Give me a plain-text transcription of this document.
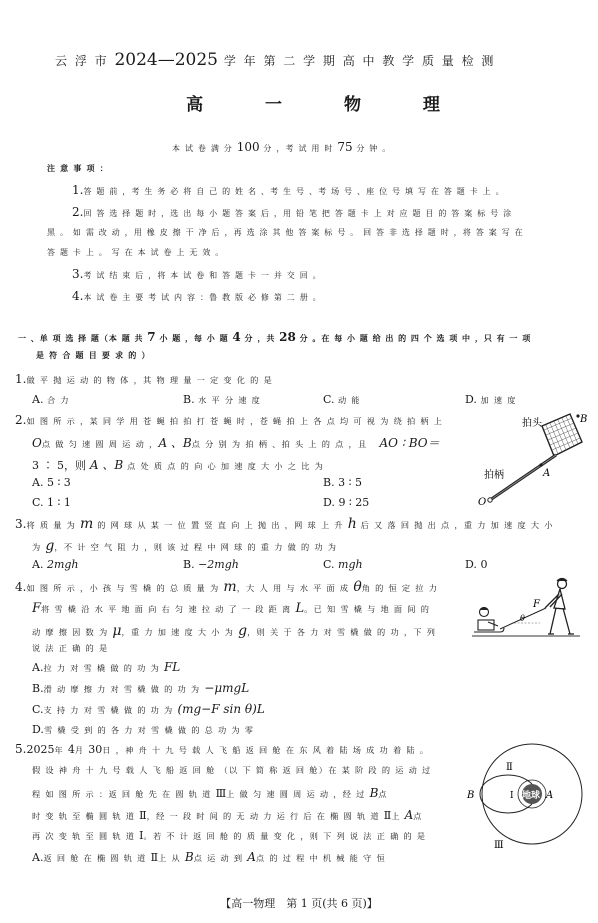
云 浮 市 2024—2025 学 年 第 二 学 期 高 中 教 学 质 量 检 测
高 一 物 理
本 试 卷 满 分 100 分 ，考 试 用 时 75 分 钟 。
注 意 事 项 ：
1.答 题 前 ，考 生 务 必 将 自 己 的 姓 名 、考 生 号 、考 场 号 、座 位 号 填 写 在 答 题 卡 上 。
2.回 答 选 择 题 时 ，选 出 每 小 题 答 案 后 ，用 铅 笔 把 答 题 卡 上 对 应 题 目 的 答 案 标 号 涂
黑 。 如 需 改 动 ，用 橡 皮 擦 干 净 后 ，再 选 涂 其 他 答 案 标 号 。 回 答 非 选 择 题 时 ，将 答 案 写 在
答 题 卡 上 。 写 在 本 试 卷 上 无 效 。
3.考 试 结 束 后 ，将 本 试 卷 和 答 题 卡 一 并 交 回 。
4.本 试 卷 主 要 考 试 内 容 ：鲁 教 版 必 修 第 二 册 。
一 、单 项 选 择 题（本 题 共 7 小 题 ，每 小 题 4 分 ，共 28 分 。在 每 小 题 给 出 的 四 个 选 项 中 ，只 有 一 项
是 符 合 题 目 要 求 的 ）
1.做 平 抛 运 动 的 物 体 ，其 物 理 量 一 定 变 化 的 是
A. 合 力	B. 水 平 分 速 度	C. 动 能	D. 加 速 度
2.如 图 所 示 ，某 同 学 用 苍 蝇 拍 拍 打 苍 蝇 时 ，苍 蝇 拍 上 各 点 均 可 视 为 绕 拍 柄 上
O点 做 匀 速 圆 周 运 动 ，A 、B点 分 别 为 拍 柄 、拍 头 上 的 点 ，且 AO ∶ BO＝
3 ∶ 5，则 A 、B 点 处 质 点 的 向 心 加 速 度 大 小 之 比 为
A. 5 ∶ 3	B. 3 ∶ 5
C. 1 ∶ 1	D. 9 ∶ 25
拍头
拍柄
B
A
O
3.将 质 量 为 m 的 网 球 从 某 一 位 置 竖 直 向 上 抛 出 ，网 球 上 升 h 后 又 落 回 抛 出 点 ，重 力 加 速 度 大 小
为 g，不 计 空 气 阻 力 ，则 该 过 程 中 网 球 的 重 力 做 的 功 为
A. 2mgh	B. −2mgh	C. mgh	D. 0
4.如 图 所 示 ，小 孩 与 雪 橇 的 总 质 量 为 m，大 人 用 与 水 平 面 成 θ角 的 恒 定 拉 力
F将 雪 橇 沿 水 平 地 面 向 右 匀 速 拉 动 了 一 段 距 离 L。已 知 雪 橇 与 地 面 间 的
动 摩 擦 因 数 为 μ，重 力 加 速 度 大 小 为 g，则 关 于 各 力 对 雪 橇 做 的 功 ，下 列
说 法 正 确 的 是
A.拉 力 对 雪 橇 做 的 功 为 FL
B.滑 动 摩 擦 力 对 雪 橇 做 的 功 为 −μmgL
C.支 持 力 对 雪 橇 做 的 功 为 (mg−F sin θ)L
D.雪 橇 受 到 的 各 力 对 雪 橇 做 的 总 功 为 零
F
θ
5.2025年 4月 30日 ，神 舟 十 九 号 载 人 飞 船 返 回 舱 在 东 风 着 陆 场 成 功 着 陆 。
假 设 神 舟 十 九 号 载 人 飞 船 返 回 舱 （以 下 简 称 返 回 舱）在 某 阶 段 的 运 动 过
程 如 图 所 示 ：返 回 舱 先 在 圆 轨 道 Ⅲ上 做 匀 速 圆 周 运 动 ，经 过 B点
时 变 轨 至 椭 圆 轨 道 Ⅱ，经 一 段 时 间 的 无 动 力 运 行 后 在 椭 圆 轨 道 Ⅱ上 A点
再 次 变 轨 至 圆 轨 道 Ⅰ。若 不 计 返 回 舱 的 质 量 变 化 ，则 下 列 说 法 正 确 的 是
A.返 回 舱 在 椭 圆 轨 道 Ⅱ上 从 B点 运 动 到 A点 的 过 程 中 机 械 能 守 恒
地球
Ⅱ
Ⅰ	A
B
Ⅲ
【高一物理　第 1 页(共 6 页)】
